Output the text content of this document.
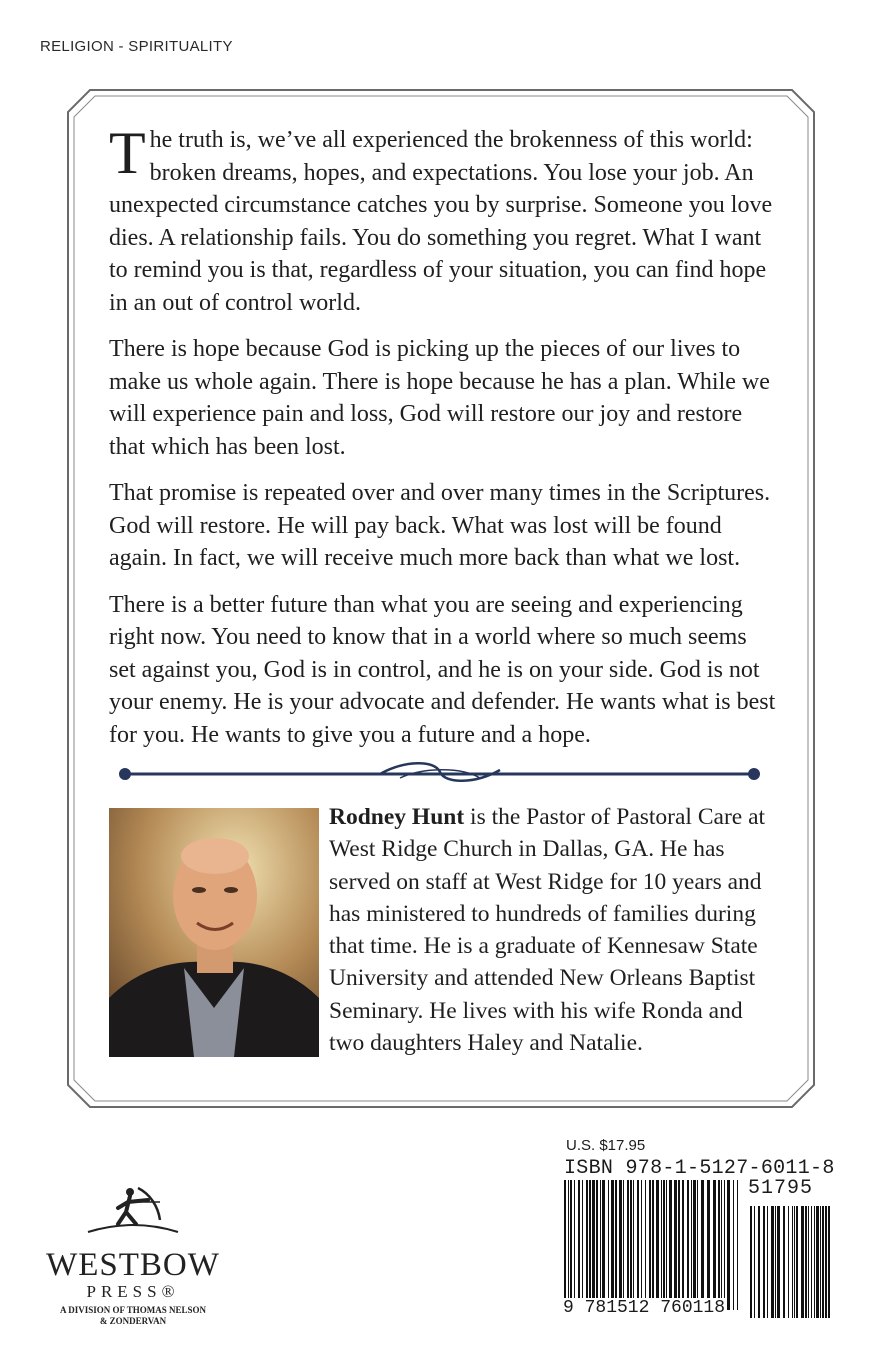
RELIGION - SPIRITUALITY

The truth is, we’ve all experienced the brokenness of this world: broken dreams, hopes, and expectations. You lose your job. An unexpected circumstance catches you by surprise. Someone you love dies. A relationship fails. You do something you regret. What I want to remind you is that, regardless of your situation, you can find hope in an out of control world.

There is hope because God is picking up the pieces of our lives to make us whole again. There is hope because he has a plan. While we will experience pain and loss, God will restore our joy and restore that which has been lost.

That promise is repeated over and over many times in the Scriptures. God will restore. He will pay back. What was lost will be found again. In fact, we will receive much more back than what we lost.

There is a better future than what you are seeing and experiencing right now. You need to know that in a world where so much seems set against you, God is in control, and he is on your side. God is not your enemy. He is your advocate and defender. He wants what is best for you. He wants to give you a future and a hope.

Rodney Hunt is the Pastor of Pastoral Care at West Ridge Church in Dallas, GA. He has served on staff at West Ridge for 10 years and has ministered to hundreds of families during that time. He is a graduate of Kennesaw State University and attended New Orleans Baptist Seminary. He lives with his wife Ronda and two daughters Haley and Natalie.
U.S. $17.95
ISBN 978-1-5127-6011-8
51795
9 781512 760118
WESTBOW
PRESS®
A DIVISION OF THOMAS NELSON
& ZONDERVAN
